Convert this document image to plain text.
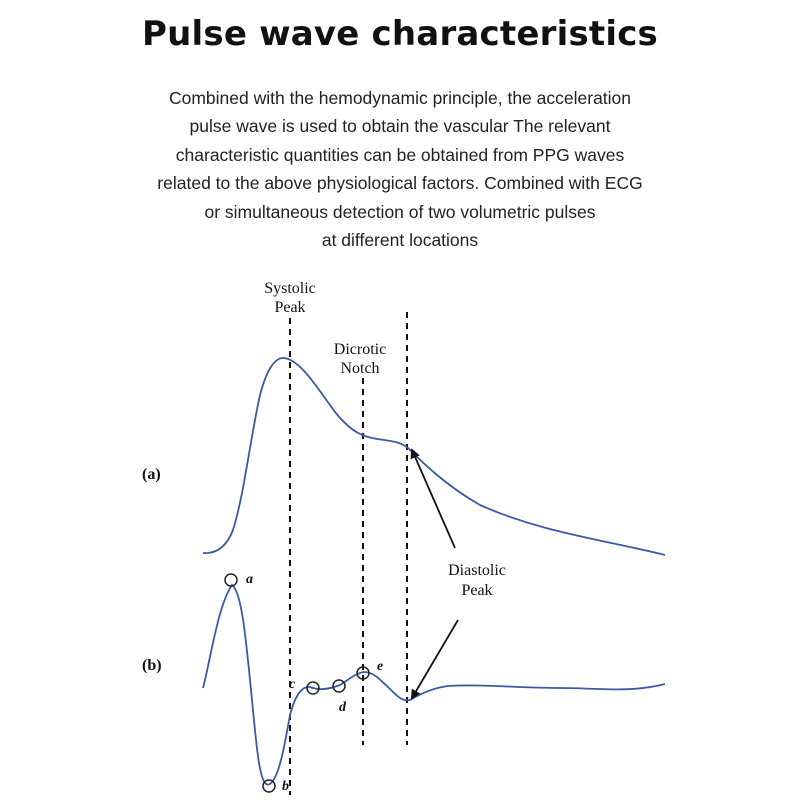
Pulse wave characteristics
Combined with the hemodynamic principle, the acceleration
pulse wave is used to obtain the vascular The relevant
characteristic quantities can be obtained from PPG waves
related to the above physiological factors. Combined with ECG
or simultaneous detection of two volumetric pulses
at different locations
a
b
c
d
e
Systolic
Peak
Dicrotic
Notch
Diastolic
Peak
(a)
(b)
